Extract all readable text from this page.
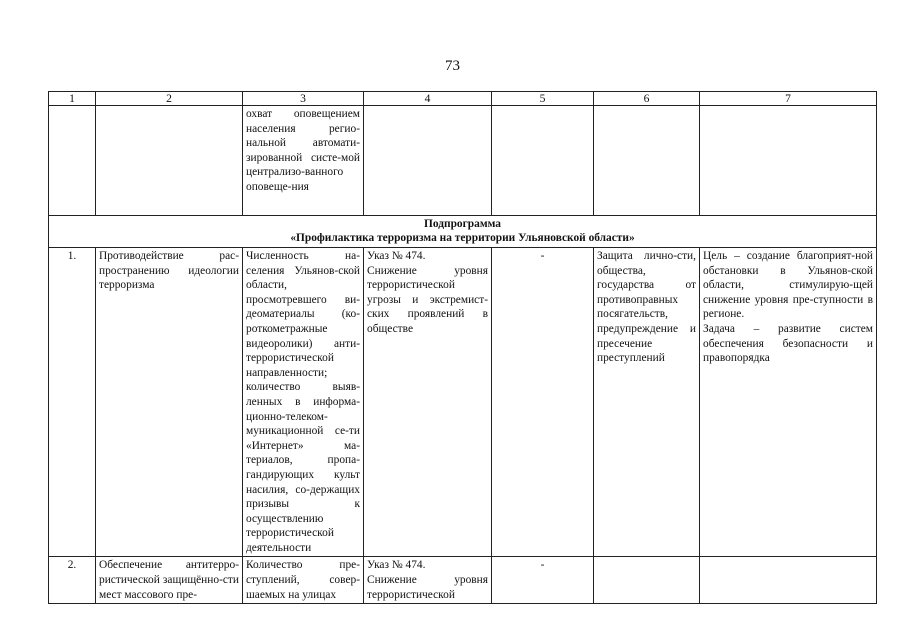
73
1	2	3	4	5	6	7
		охват оповещением населения регио-нальной автомати-зированной систе-мой централизо-ванного оповеще-ния				

Подпрограмма
«Профилактика терроризма на территории Ульяновской области»						

1.	Противодействие рас-пространению идеологии терроризма	Численность на-селения Ульянов-ской области, просмотревшего ви-деоматериалы (ко-роткометражные видеоролики) анти-террористической направленности; количество выяв-ленных в информа-ционно-телеком-муникационной се-ти «Интернет» ма-териалов, пропа-гандирующих культ насилия, со-держащих призывы к осуществлению террористической деятельности	Указ № 474.
Снижение уровня террористической угрозы и экстремист-ских проявлений в обществе	-	Защита лично-сти, общества, государства от противоправных посягательств, предупреждение и пресечение преступлений	Цель – создание благоприят-ной обстановки в Ульянов-ской области, стимулирую-щей снижение уровня пре-ступности в регионе.
Задача – развитие систем обеспечения безопасности и правопорядка

2.	Обеспечение антитерро-ристической защищённо-сти мест массового пре-	Количество пре-ступлений, совер-шаемых на улицах	Указ № 474.
Снижение уровня террористической	-		
